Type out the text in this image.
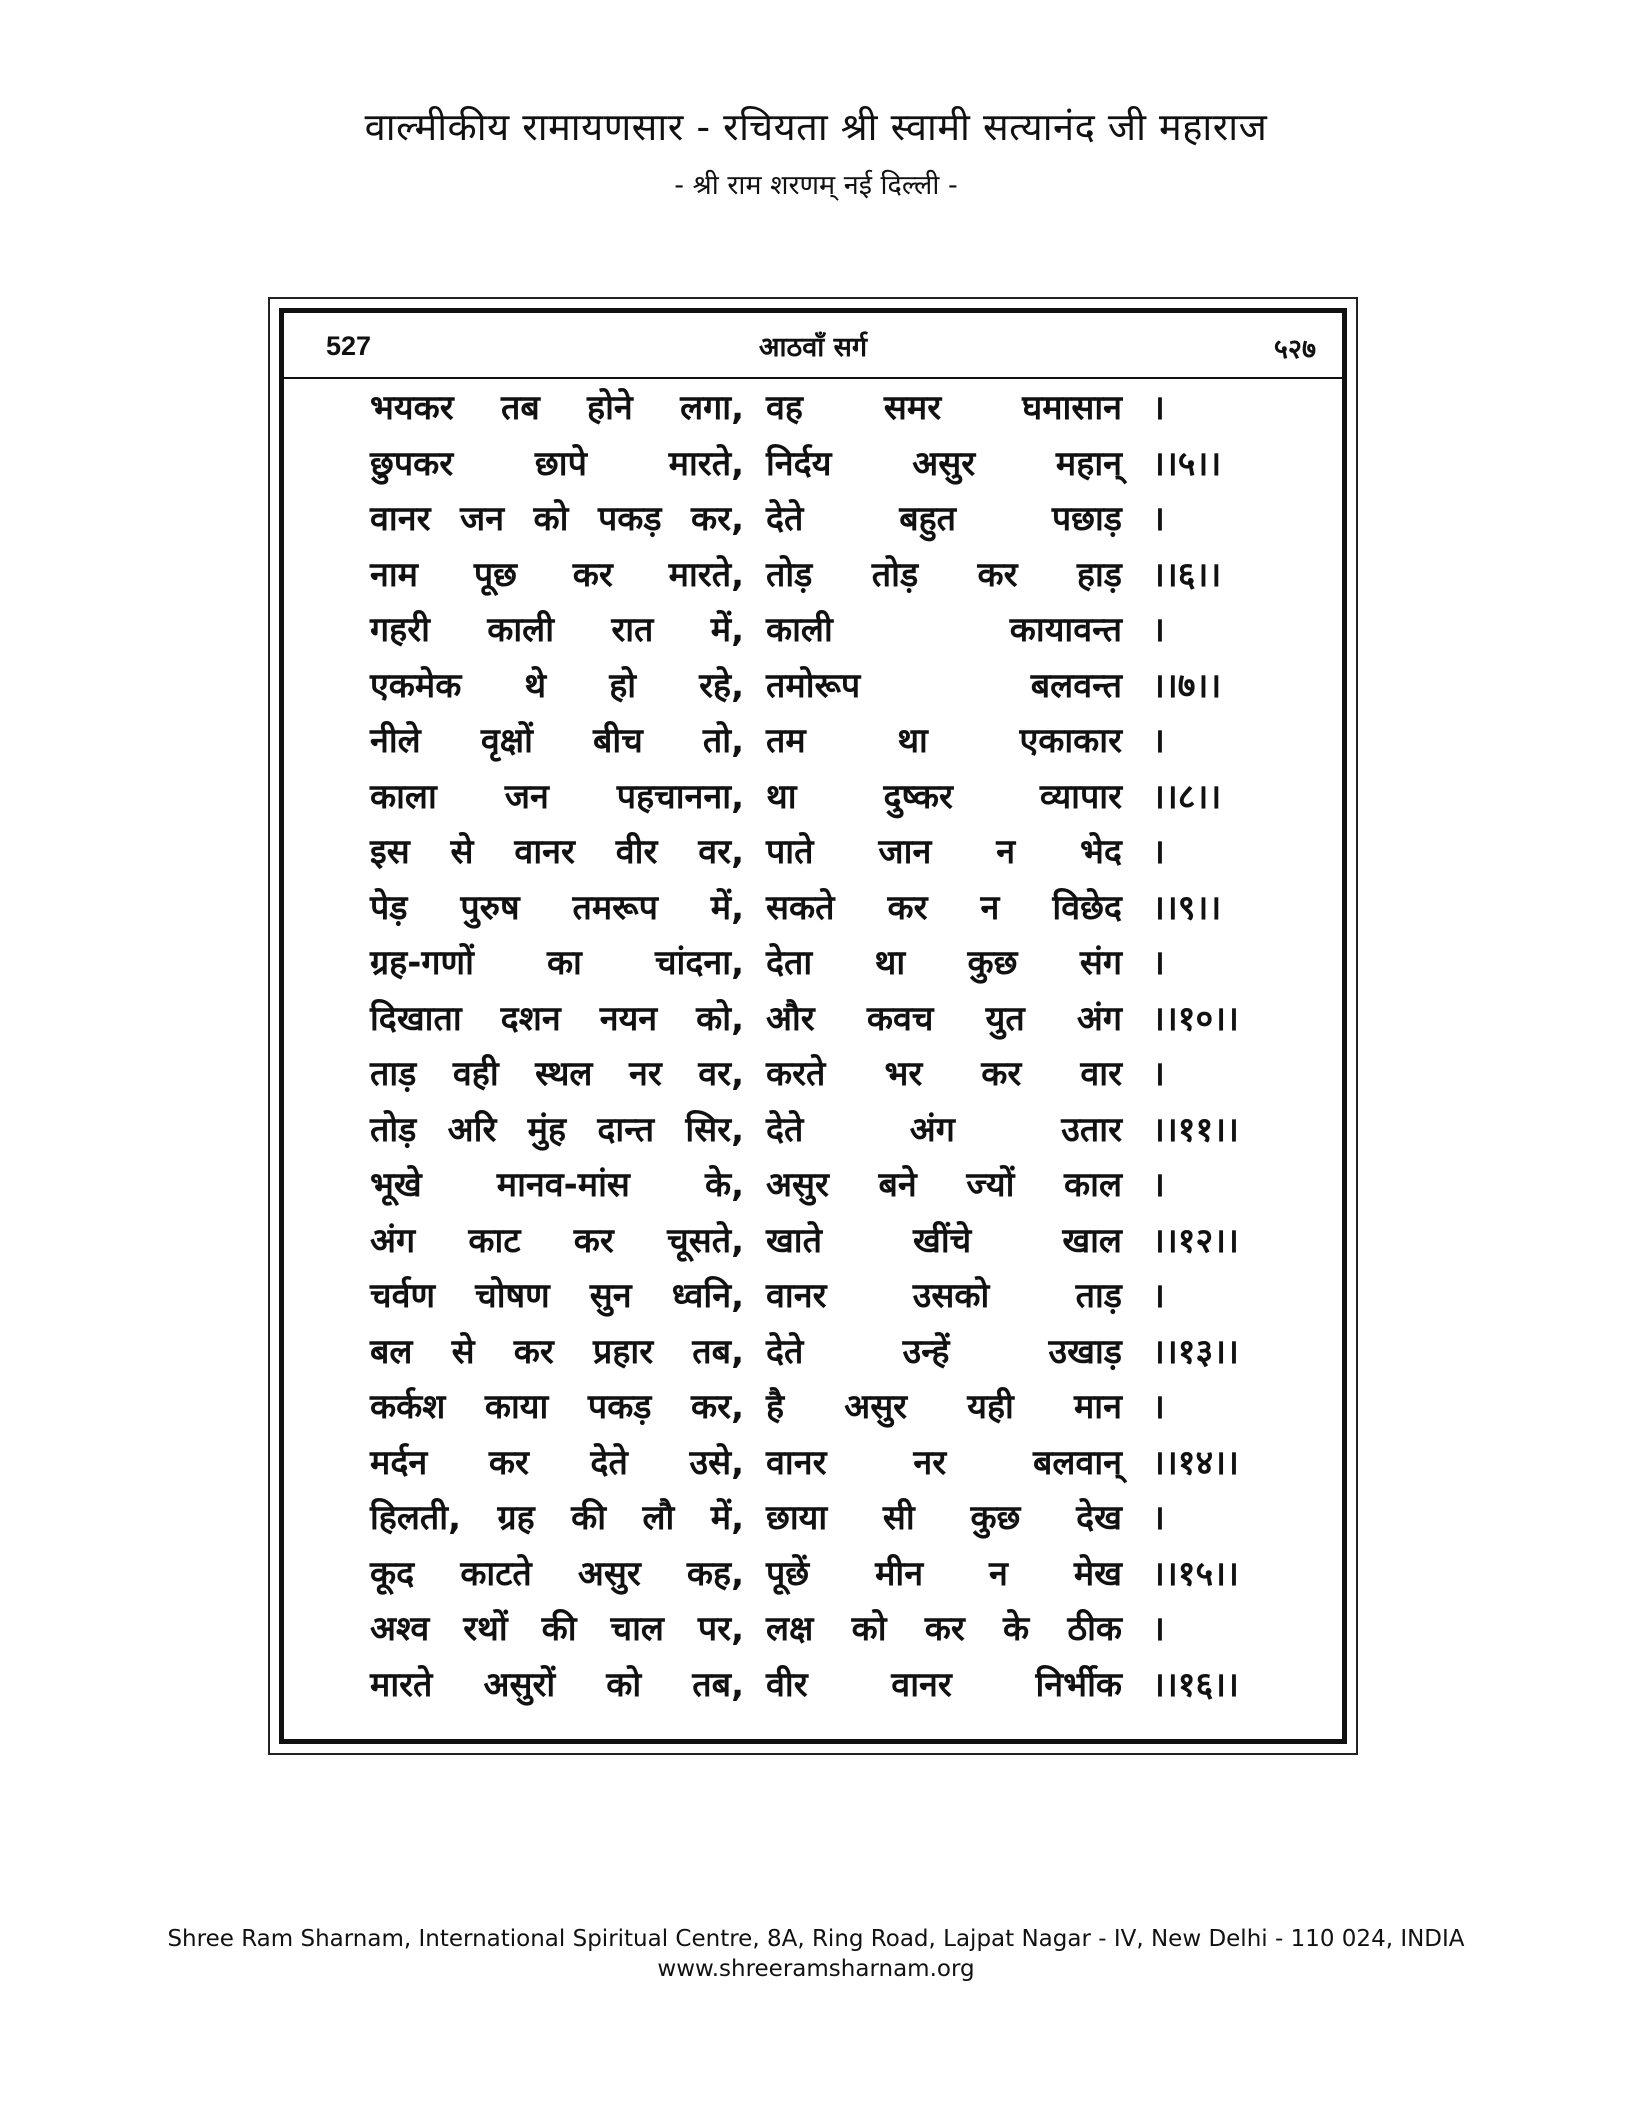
वाल्मीकीय रामायणसार - रचियता श्री स्वामी सत्यानंद जी महाराज
- श्री राम शरणम् नई दिल्ली -
527	आठवाँ सर्ग	५२७
भयकर तब होने लगा, वह समर घमासान ।
छुपकर छापे मारते, निर्दय असुर महान् ।।५।।
वानर जन को पकड़ कर, देते बहुत पछाड़ ।
नाम पूछ कर मारते, तोड़ तोड़ कर हाड़ ।।६।।
गहरी काली रात में, काली कायावन्त ।
एकमेक थे हो रहे, तमोरूप बलवन्त ।।७।।
नीले वृक्षों बीच तो, तम था एकाकार ।
काला जन पहचानना, था दुष्कर व्यापार ।।८।।
इस से वानर वीर वर, पाते जान न भेद ।
पेड़ पुरुष तमरूप में, सकते कर न विछेद ।।९।।
ग्रह-गणों का चांदना, देता था कुछ संग ।
दिखाता दशन नयन को, और कवच युत अंग ।।१०।।
ताड़ वही स्थल नर वर, करते भर कर वार ।
तोड़ अरि मुंह दान्त सिर, देते अंग उतार ।।११।।
भूखे मानव-मांस के, असुर बने ज्यों काल ।
अंग काट कर चूसते, खाते खींचे खाल ।।१२।।
चर्वण चोषण सुन ध्वनि, वानर उसको ताड़ ।
बल से कर प्रहार तब, देते उन्हें उखाड़ ।।१३।।
कर्कश काया पकड़ कर, है असुर यही मान ।
मर्दन कर देते उसे, वानर नर बलवान् ।।१४।।
हिलती, ग्रह की लौ में, छाया सी कुछ देख ।
कूद काटते असुर कह, पूछें मीन न मेख ।।१५।।
अश्व रथों की चाल पर, लक्ष को कर के ठीक ।
मारते असुरों को तब, वीर वानर निर्भीक ।।१६।।
Shree Ram Sharnam, International Spiritual Centre, 8A, Ring Road, Lajpat Nagar - IV, New Delhi - 110 024, INDIA
www.shreeramsharnam.org
